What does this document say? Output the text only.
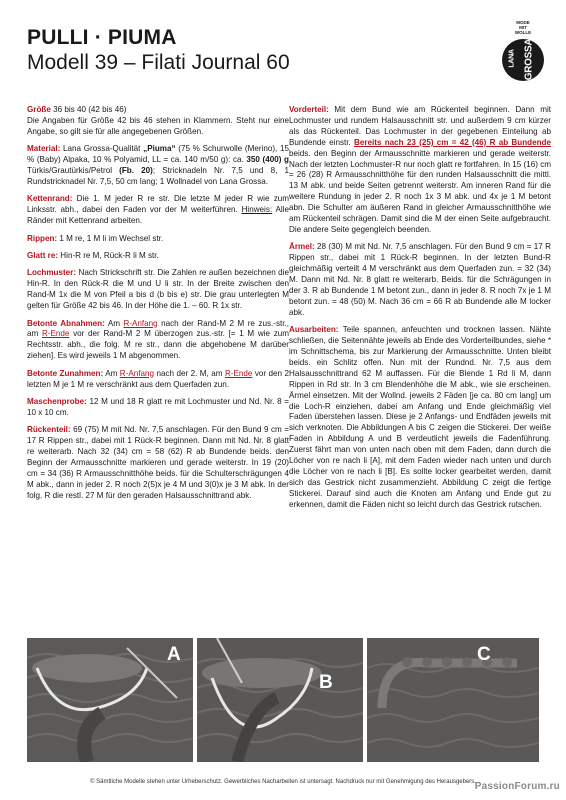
PULLI · PIUMA
Modell 39 – Filati Journal 60
MODE
MIT
WOLLE
LANA GROSSA

Größe 36 bis 40 (42 bis 46)
Die Angaben für Größe 42 bis 46 stehen in Klammern. Steht nur eine Angabe, so gilt sie für alle angegebenen Größen.

Material: Lana Grossa-Qualität „Piuma“ (75 % Schurwolle (Merino), 15 % (Baby) Alpaka, 10 % Polyamid, LL = ca. 140 m/50 g): ca. 350 (400) g Türkis/Grautürkis/Petrol (Fb. 20); Stricknadeln Nr. 7,5 und 8, 1 Rundstricknadel Nr. 7,5, 50 cm lang; 1 Wollnadel von Lana Grossa.

Kettenrand: Die 1. M jeder R re str. Die letzte M jeder R wie zum Linksstr. abh., dabei den Faden vor der M weiterführen. Hinweis: Alle Ränder mit Kettenrand arbeiten.

Rippen: 1 M re, 1 M li im Wechsel str.

Glatt re: Hin-R re M, Rück-R li M str.

Lochmuster: Nach Strickschrift str. Die Zahlen re außen bezeichnen die Hin-R. In den Rück-R die M und U li str. In der Breite zwischen den Rand-M 1x die M von Pfeil a bis d (b bis e) str. Die grau unterlegten M gelten für Größe 42 bis 46. In der Höhe die 1. – 60. R 1x str.

Betonte Abnahmen: Am R-Anfang nach der Rand-M 2 M re zus.-str., am R-Ende vor der Rand-M 2 M überzogen zus.-str. [= 1 M wie zum Rechtsstr. abh., die folg. M re str., dann die abgehobene M darüber ziehen]. Es wird jeweils 1 M abgenommen.

Betonte Zunahmen: Am R-Anfang nach der 2. M, am R-Ende vor den 2 letzten M je 1 M re verschränkt aus dem Querfaden zun.

Maschenprobe: 12 M und 18 R glatt re mit Lochmuster und Nd. Nr. 8 = 10 x 10 cm.

Rückenteil: 69 (75) M mit Nd. Nr. 7,5 anschlagen. Für den Bund 9 cm = 17 R Rippen str., dabei mit 1 Rück-R beginnen. Dann mit Nd. Nr. 8 glatt re weiterarb. Nach 32 (34) cm = 58 (62) R ab Bundende beids. den Beginn der Armausschnitte markieren und gerade weiterstr. In 19 (20) cm = 34 (36) R Armausschnitthöhe beids. für die Schulterschrägungen 4 M abk., dann in jeder 2. R noch 2(5)x je 4 M und 3(0)x je 3 M abk. In der folg. R die restl. 27 M für den geraden Halsausschnittrand abk.

Vorderteil: Mit dem Bund wie am Rückenteil beginnen. Dann mit Lochmuster und rundem Halsausschnitt str. und außerdem 9 cm kürzer als das Rückenteil. Das Lochmuster in der gegebenen Einteilung ab Bundende einstr. Bereits nach 23 (25) cm = 42 (46) R ab Bundende beids. den Beginn der Armausschnitte markieren und gerade weiterstr. Nach der letzten Lochmuster-R nur noch glatt re fortfahren. In 15 (16) cm = 26 (28) R Armausschnitthöhe für den runden Halsausschnitt die mittl. 13 M abk. und beide Seiten getrennt weiterstr. Am inneren Rand für die weitere Rundung in jeder 2. R noch 1x 3 M abk. und 4x je 1 M betont abn. Die Schulter am äußeren Rand in gleicher Armausschnitthöhe wie am Rückenteil schrägen. Damit sind die M der einen Seite aufgebraucht. Die andere Seite gegengleich beenden.

Ärmel: 28 (30) M mit Nd. Nr. 7,5 anschlagen. Für den Bund 9 cm = 17 R Rippen str., dabei mit 1 Rück-R beginnen. In der letzten Bund-R gleichmäßig verteilt 4 M verschränkt aus dem Querfaden zun. = 32 (34) M. Dann mit Nd. Nr. 8 glatt re weiterarb. Beids. für die Schrägungen in der 3. R ab Bundende 1 M betont zun., dann in jeder 8. R noch 7x je 1 M betont zun. = 48 (50) M. Nach 36 cm = 66 R ab Bundende alle M locker abk.

Ausarbeiten: Teile spannen, anfeuchten und trocknen lassen. Nähte schließen, die Seitennähte jeweils ab Ende des Vorderteilbundes, siehe * im Schnittschema, bis zur Markierung der Armausschnitte. Unten bleibt beids. ein Schlitz offen. Nun mit der Rundnd. Nr. 7,5 aus dem Halsausschnittrand 62 M auffassen. Für die Blende 1 Rd li M, dann Rippen in Rd str. In 3 cm Blendenhöhe die M abk., wie sie erscheinen. Ärmel einsetzen. Mit der Wollnd. jeweils 2 Fäden [je ca. 80 cm lang] um die Loch-R einziehen, dabei am Anfang und Ende gleichmäßig viel Faden überstehen lassen. Diese je 2 Anfangs- und Endfäden jeweils mit sich verknoten. Die Abbildungen A bis C zeigen die Stickerei. Der weiße Faden in Abbildung A und B verdeutlicht jeweils die Fadenführung. Zuerst fährt man von unten nach oben mit dem Faden, dann durch die Löcher von re nach li [A], mit dem Faden wieder nach unten und durch die Löcher von re nach li [B]. Es sollte locker gearbeitet werden, damit sich das Gestrick nicht zusammenzieht. Abbildung C zeigt die fertige Stickerei. Darauf sind auch die Knoten am Anfang und Ende gut zu erkennen, damit die Fäden nicht so leicht durch das Gestrick rutschen.

A
B
C
© Sämtliche Modelle stehen unter Urheberschutz. Gewerbliches Nacharbeiten ist untersagt. Nachdruck nur mit Genehmigung des Herausgebers.
PassionForum.ru
